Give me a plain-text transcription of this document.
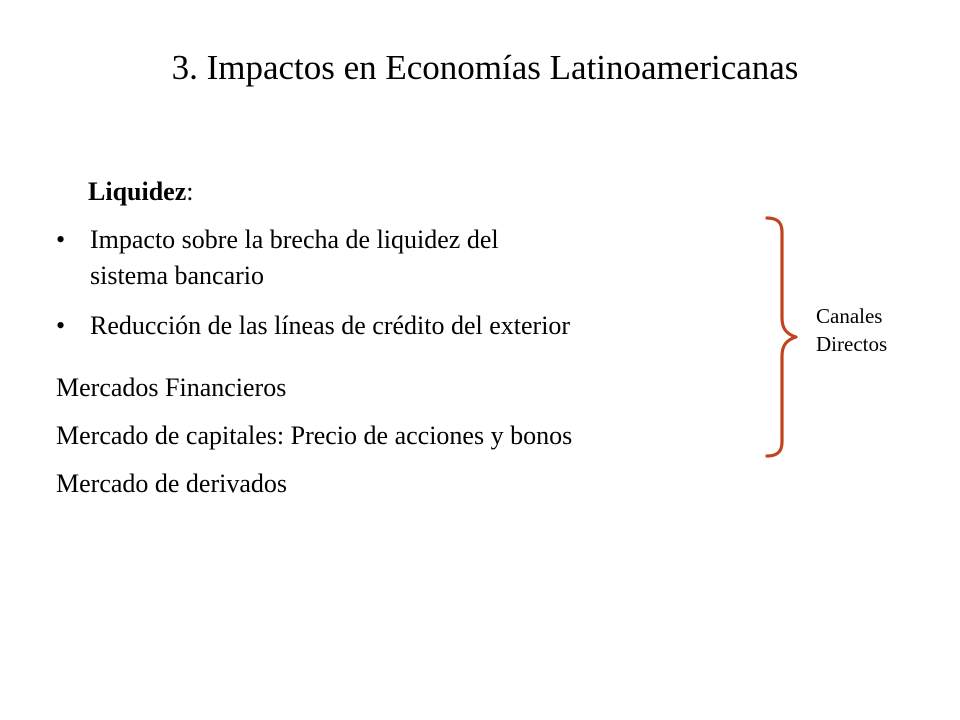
3. Impactos en Economías Latinoamericanas
Liquidez:
• Impacto sobre la brecha de liquidez del
sistema bancario
• Reducción de las líneas de crédito del exterior
Mercados Financieros
Mercado de capitales: Precio de acciones y bonos
Mercado de derivados
Canales
Directos
